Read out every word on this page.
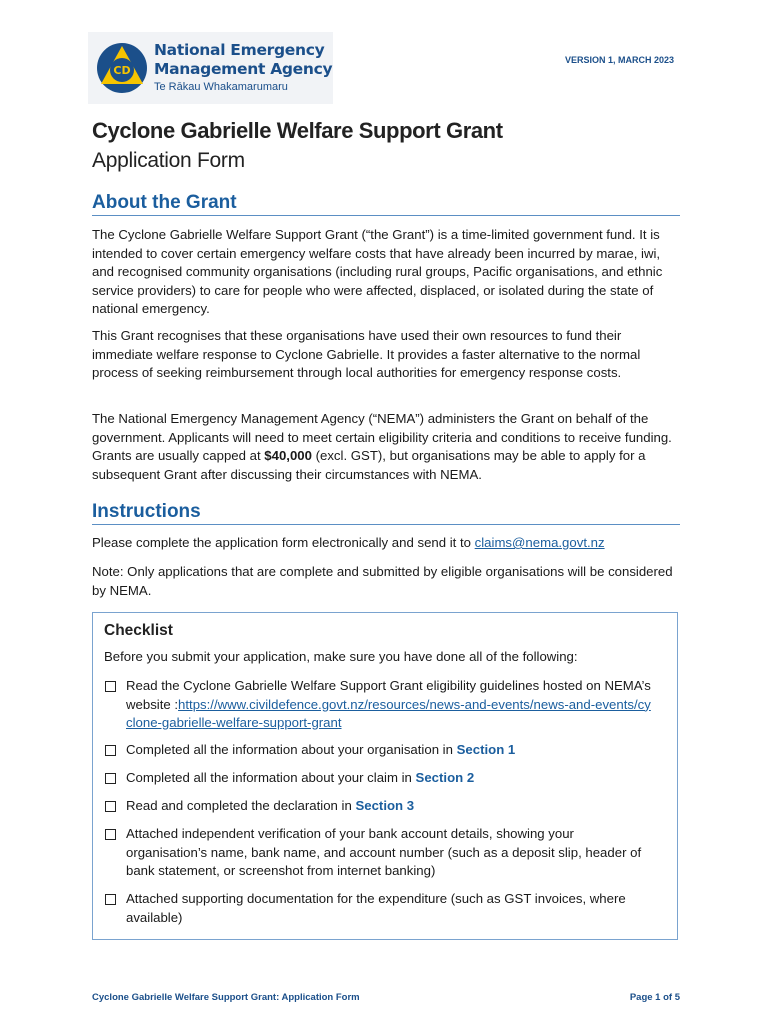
CD
National Emergency
Management Agency
Te Rākau Whakamarumaru
VERSION 1, MARCH 2023
Cyclone Gabrielle Welfare Support Grant
Application Form
About the Grant

The Cyclone Gabrielle Welfare Support Grant (“the Grant”) is a time-limited government fund. It is intended to cover certain emergency welfare costs that have already been incurred by marae, iwi, and recognised community organisations (including rural groups, Pacific organisations, and ethnic service providers) to care for people who were affected, displaced, or isolated during the state of national emergency.

This Grant recognises that these organisations have used their own resources to fund their immediate welfare response to Cyclone Gabrielle. It provides a faster alternative to the normal process of seeking reimbursement through local authorities for emergency response costs.

The National Emergency Management Agency (“NEMA”) administers the Grant on behalf of the government. Applicants will need to meet certain eligibility criteria and conditions to receive funding. Grants are usually capped at $40,000 (excl. GST), but organisations may be able to apply for a subsequent Grant after discussing their circumstances with NEMA.

Instructions

Please complete the application form electronically and send it to claims@nema.govt.nz

Note: Only applications that are complete and submitted by eligible organisations will be considered by NEMA.

Checklist
Before you submit your application, make sure you have done all of the following:
Read the Cyclone Gabrielle Welfare Support Grant eligibility guidelines hosted on NEMA’s website :https://www.civildefence.govt.nz/resources/news-and-events/news-and-events/cyclone-gabrielle-welfare-support-grant
Completed all the information about your organisation in Section 1
Completed all the information about your claim in Section 2
Read and completed the declaration in Section 3
Attached independent verification of your bank account details, showing your organisation’s name, bank name, and account number (such as a deposit slip, header of bank statement, or screenshot from internet banking)
Attached supporting documentation for the expenditure (such as GST invoices, where available)
Cyclone Gabrielle Welfare Support Grant: Application Form	Page 1 of 5
